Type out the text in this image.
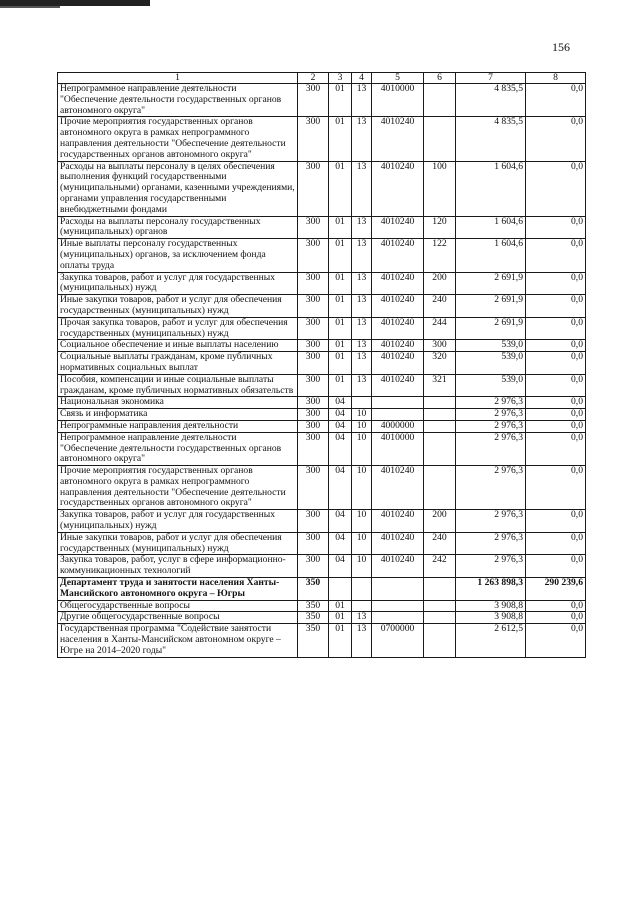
156
1	2	3	4	5	6	7	8
Непрограммное направление деятельности "Обеспечение деятельности государственных органов автономного округа"	300	01	13	4010000		4 835,5	0,0
Прочие мероприятия государственных органов автономного округа в рамках непрограммного направления деятельности "Обеспечение деятельности государственных органов автономного округа"	300	01	13	4010240		4 835,5	0,0
Расходы на выплаты персоналу в целях обеспечения выполнения функций государственными (муниципальными) органами, казенными учреждениями, органами управления государственными внебюджетными фондами	300	01	13	4010240	100	1 604,6	0,0
Расходы на выплаты персоналу государственных (муниципальных) органов	300	01	13	4010240	120	1 604,6	0,0
Иные выплаты персоналу государственных (муниципальных) органов, за исключением фонда оплаты труда	300	01	13	4010240	122	1 604,6	0,0
Закупка товаров, работ и услуг для государственных (муниципальных) нужд	300	01	13	4010240	200	2 691,9	0,0
Иные закупки товаров, работ и услуг для обеспечения государственных (муниципальных) нужд	300	01	13	4010240	240	2 691,9	0,0
Прочая закупка товаров, работ и услуг для обеспечения государственных (муниципальных) нужд	300	01	13	4010240	244	2 691,9	0,0
Социальное обеспечение и иные выплаты населению	300	01	13	4010240	300	539,0	0,0
Социальные выплаты гражданам, кроме публичных нормативных социальных выплат	300	01	13	4010240	320	539,0	0,0
Пособия, компенсации и иные социальные выплаты гражданам, кроме публичных нормативных обязательств	300	01	13	4010240	321	539,0	0,0
Национальная экономика	300	04				2 976,3	0,0
Связь и информатика	300	04	10			2 976,3	0,0
Непрограммные направления деятельности	300	04	10	4000000		2 976,3	0,0
Непрограммное направление деятельности "Обеспечение деятельности государственных органов автономного округа"	300	04	10	4010000		2 976,3	0,0
Прочие мероприятия государственных органов автономного округа в рамках непрограммного направления деятельности "Обеспечение деятельности государственных органов автономного округа"	300	04	10	4010240		2 976,3	0,0
Закупка товаров, работ и услуг для государственных (муниципальных) нужд	300	04	10	4010240	200	2 976,3	0,0
Иные закупки товаров, работ и услуг для обеспечения государственных (муниципальных) нужд	300	04	10	4010240	240	2 976,3	0,0
Закупка товаров, работ, услуг в сфере информационно-коммуникационных технологий	300	04	10	4010240	242	2 976,3	0,0
Департамент труда и занятости населения Ханты-Мансийского автономного округа – Югры	350					1 263 898,3	290 239,6
Общегосударственные вопросы	350	01				3 908,8	0,0
Другие общегосударственные вопросы	350	01	13			3 908,8	0,0
Государственная программа "Содействие занятости населения в Ханты-Мансийском автономном округе – Югре на 2014–2020 годы"	350	01	13	0700000		2 612,5	0,0
